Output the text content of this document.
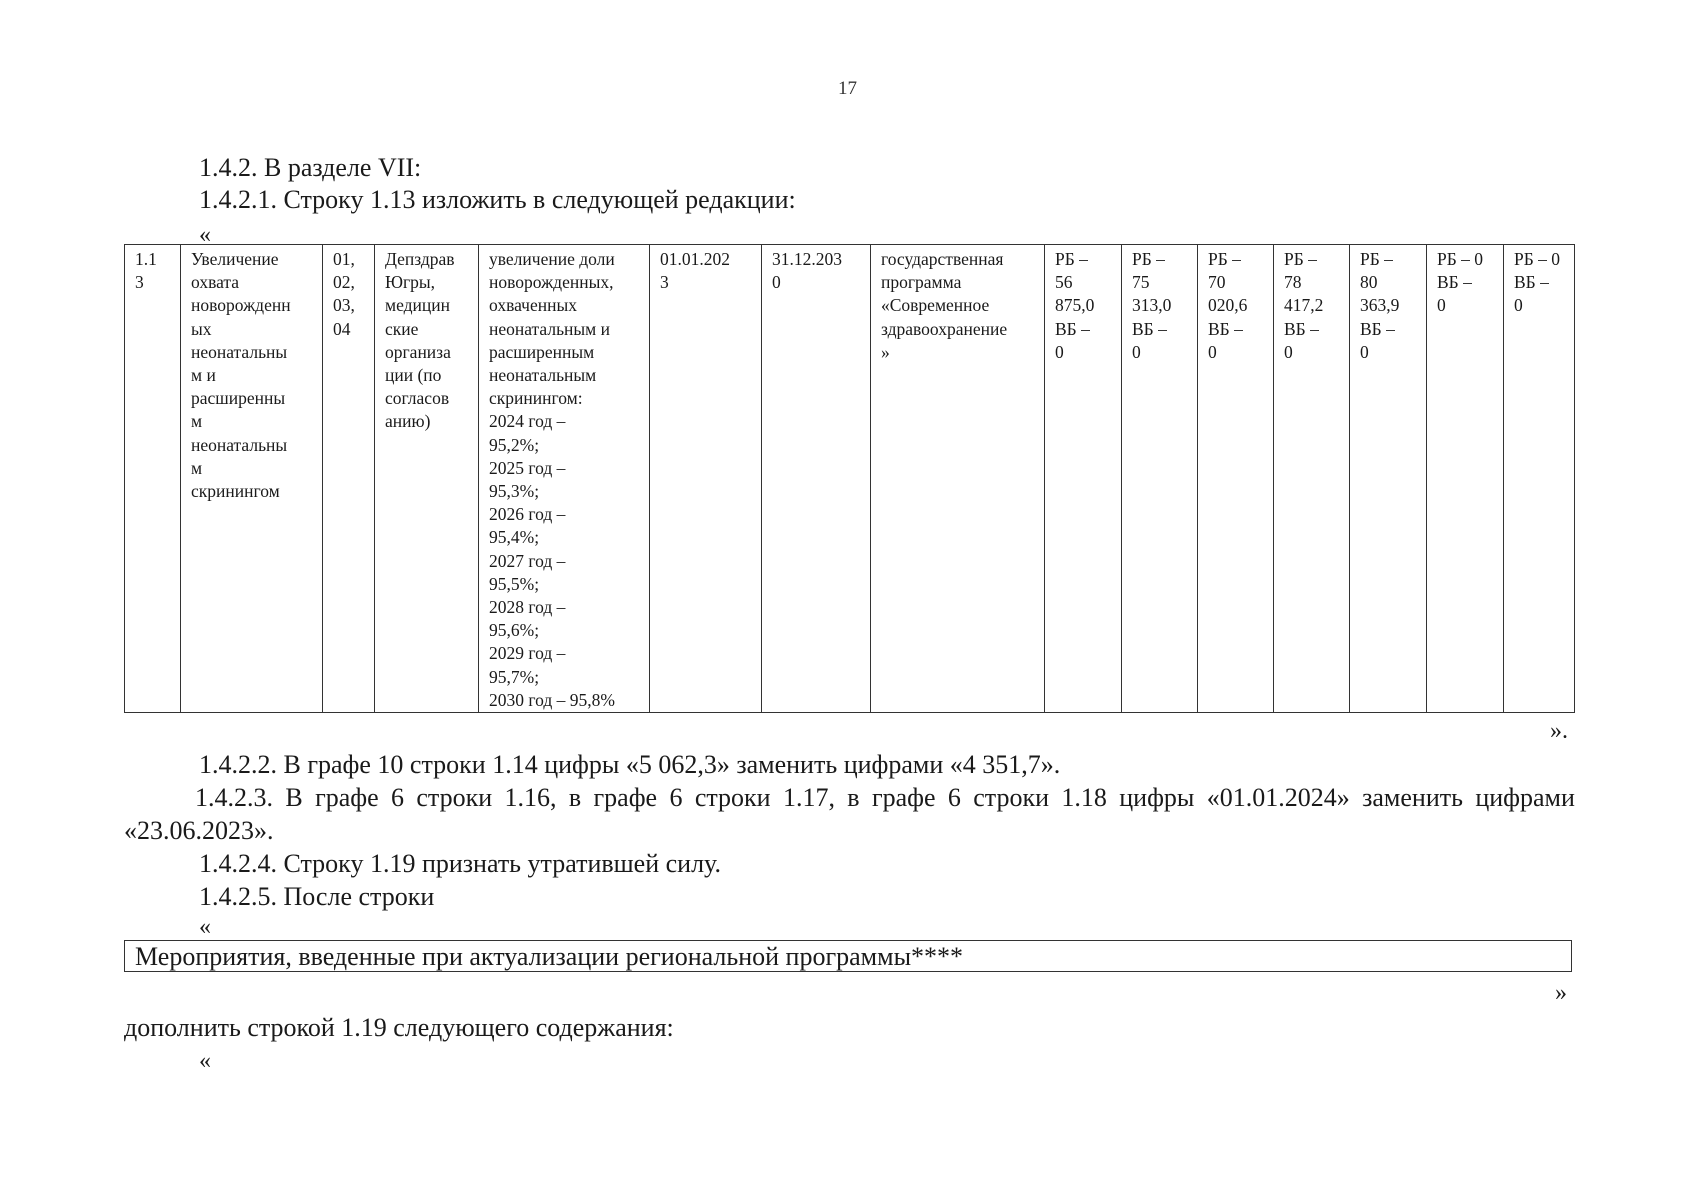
17
1.4.2. В разделе VII:
1.4.2.1. Строку 1.13 изложить в следующей редакции:
«
1.1
3	Увеличение
охвата
новорожденн
ых
неонатальны
м и
расширенны
м
неонатальны
м
скринингом	01,
02,
03,
04	Депздрав
Югры,
медицин
ские
организа
ции (по
согласов
анию)	увеличение доли
новорожденных,
охваченных
неонатальным и
расширенным
неонатальным
скринингом:
2024 год –
95,2%;
2025 год –
95,3%;
2026 год –
95,4%;
2027 год –
95,5%;
2028 год –
95,6%;
2029 год –
95,7%;
2030 год – 95,8%	01.01.202
3	31.12.203
0	государственная
программа
«Современное
здравоохранение
»	РБ –
56
875,0
ВБ –
0	РБ –
75
313,0
ВБ –
0	РБ –
70
020,6
ВБ –
0	РБ –
78
417,2
ВБ –
0	РБ –
80
363,9
ВБ –
0	РБ – 0
ВБ –
0	РБ – 0
ВБ –
0
».
1.4.2.2. В графе 10 строки 1.14 цифры «5 062,3» заменить цифрами «4 351,7».
1.4.2.3. В графе 6 строки 1.16, в графе 6 строки 1.17, в графе 6 строки 1.18 цифры «01.01.2024» заменить цифрами
«23.06.2023».
1.4.2.4. Строку 1.19 признать утратившей силу.
1.4.2.5. После строки
«
Мероприятия, введенные при актуализации региональной программы****
»
дополнить строкой 1.19 следующего содержания:
«
